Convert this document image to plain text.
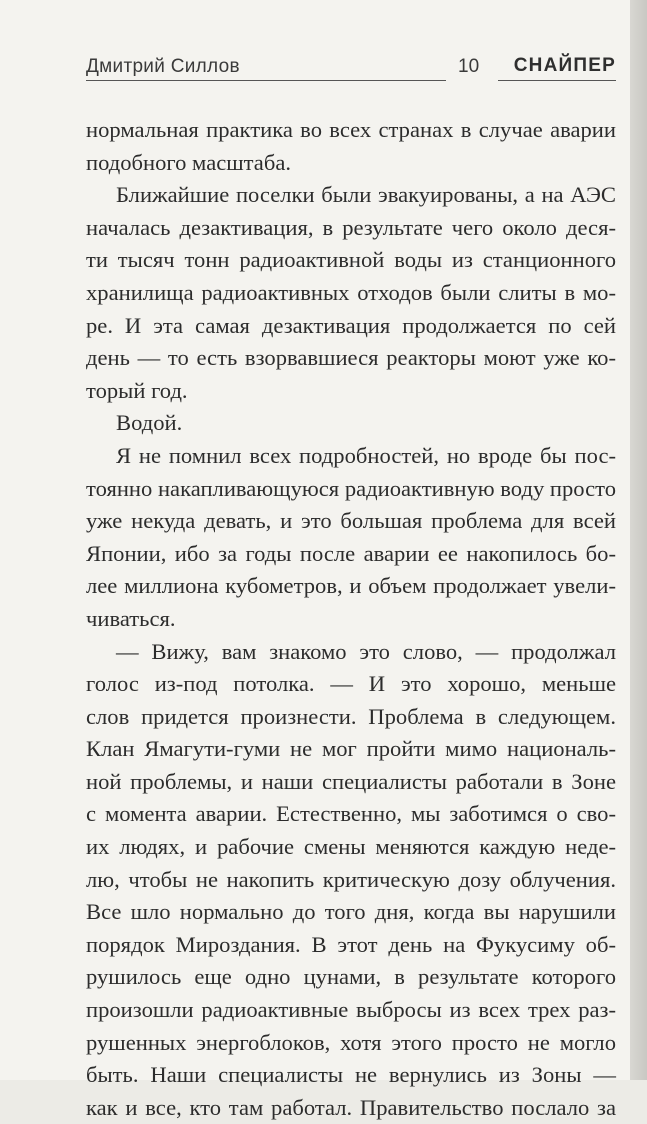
Дмитрий Силлов	10 СНАЙПЕР
нормальная практика во всех странах в случае аварии
подобного масштаба.
Ближайшие поселки были эвакуированы, а на АЭС
началась дезактивация, в результате чего около деся-
ти тысяч тонн радиоактивной воды из станционного
хранилища радиоактивных отходов были слиты в мо-
ре. И эта самая дезактивация продолжается по сей
день — то есть взорвавшиеся реакторы моют уже ко-
торый год.
Водой.
Я не помнил всех подробностей, но вроде бы пос-
тоянно накапливающуюся радиоактивную воду просто
уже некуда девать, и это большая проблема для всей
Японии, ибо за годы после аварии ее накопилось бо-
лее миллиона кубометров, и объем продолжает увели-
чиваться.
— Вижу, вам знакомо это слово, — продолжал
голос из-под потолка. — И это хорошо, меньше
слов придется произнести. Проблема в следующем.
Клан Ямагути-гуми не мог пройти мимо националь-
ной проблемы, и наши специалисты работали в Зоне
с момента аварии. Естественно, мы заботимся о сво-
их людях, и рабочие смены меняются каждую неде-
лю, чтобы не накопить критическую дозу облучения.
Все шло нормально до того дня, когда вы нарушили
порядок Мироздания. В этот день на Фукусиму об-
рушилось еще одно цунами, в результате которого
произошли радиоактивные выбросы из всех трех раз-
рушенных энергоблоков, хотя этого просто не могло
быть. Наши специалисты не вернулись из Зоны —
как и все, кто там работал. Правительство послало за
